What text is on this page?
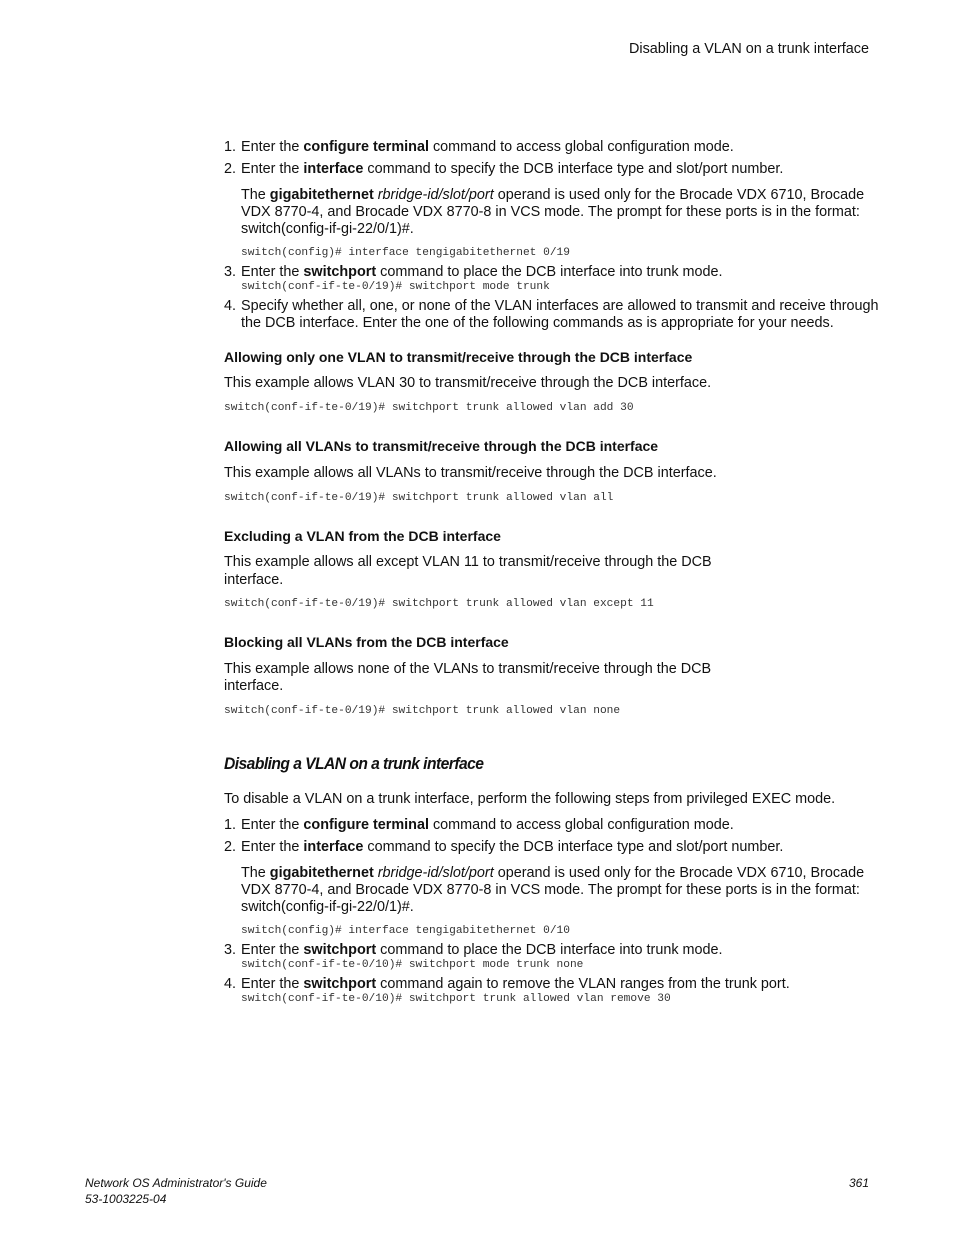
Disabling a VLAN on a trunk interface
1. Enter the configure terminal command to access global configuration mode.
2. Enter the interface command to specify the DCB interface type and slot/port number.
The gigabitethernet rbridge-id/slot/port operand is used only for the Brocade VDX 6710, Brocade
VDX 8770-4, and Brocade VDX 8770-8 in VCS mode. The prompt for these ports is in the format:
switch(config-if-gi-22/0/1)#.
switch(config)# interface tengigabitethernet 0/19
3. Enter the switchport command to place the DCB interface into trunk mode.
switch(conf-if-te-0/19)# switchport mode trunk
4. Specify whether all, one, or none of the VLAN interfaces are allowed to transmit and receive through
the DCB interface. Enter the one of the following commands as is appropriate for your needs.
Allowing only one VLAN to transmit/receive through the DCB interface
This example allows VLAN 30 to transmit/receive through the DCB interface.
switch(conf-if-te-0/19)# switchport trunk allowed vlan add 30
Allowing all VLANs to transmit/receive through the DCB interface
This example allows all VLANs to transmit/receive through the DCB interface.
switch(conf-if-te-0/19)# switchport trunk allowed vlan all
Excluding a VLAN from the DCB interface
This example allows all except VLAN 11 to transmit/receive through the DCB
interface.
switch(conf-if-te-0/19)# switchport trunk allowed vlan except 11
Blocking all VLANs from the DCB interface
This example allows none of the VLANs to transmit/receive through the DCB
interface.
switch(conf-if-te-0/19)# switchport trunk allowed vlan none
Disabling a VLAN on a trunk interface
To disable a VLAN on a trunk interface, perform the following steps from privileged EXEC mode.
1. Enter the configure terminal command to access global configuration mode.
2. Enter the interface command to specify the DCB interface type and slot/port number.
The gigabitethernet rbridge-id/slot/port operand is used only for the Brocade VDX 6710, Brocade
VDX 8770-4, and Brocade VDX 8770-8 in VCS mode. The prompt for these ports is in the format:
switch(config-if-gi-22/0/1)#.
switch(config)# interface tengigabitethernet 0/10
3. Enter the switchport command to place the DCB interface into trunk mode.
switch(conf-if-te-0/10)# switchport mode trunk none
4. Enter the switchport command again to remove the VLAN ranges from the trunk port.
switch(conf-if-te-0/10)# switchport trunk allowed vlan remove 30
Network OS Administrator's Guide
53-1003225-04
361
